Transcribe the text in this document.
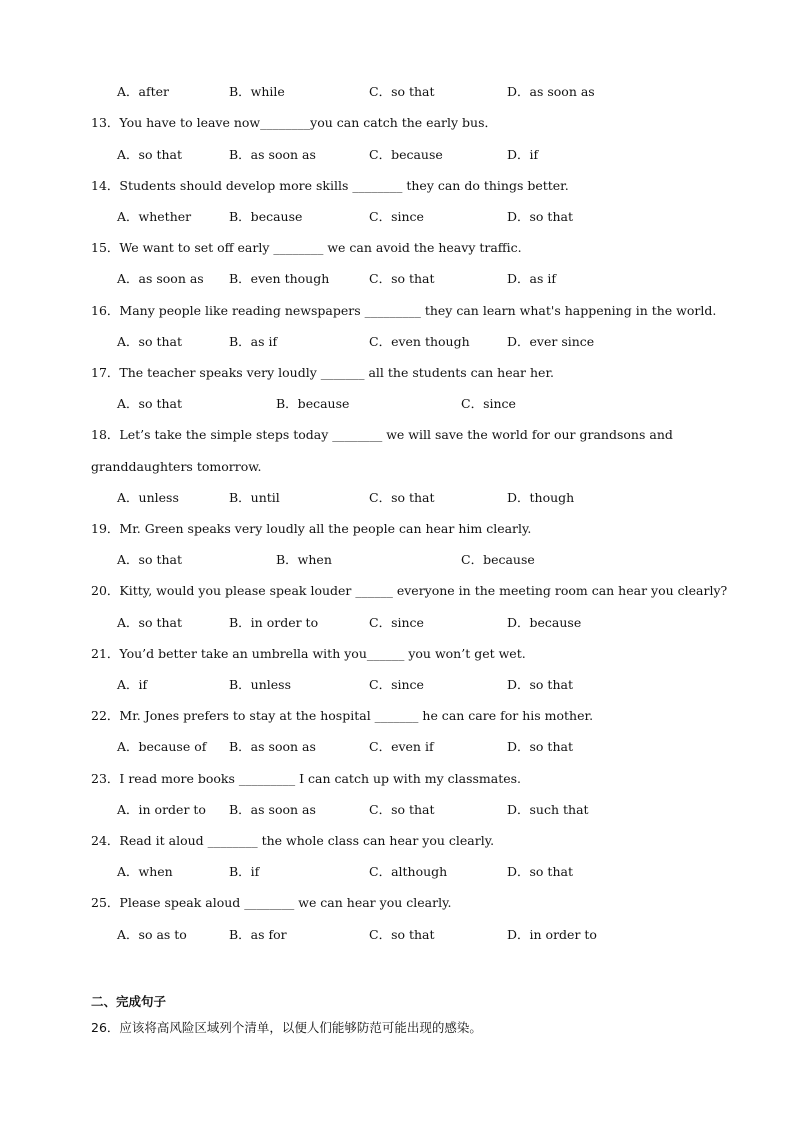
A．after	B．while	C．so that	D．as soon as
13．You have to leave now________you can catch the early bus．
A．so that	B．as soon as	C．because	D．if
14．Students should develop more skills ________ they can do things better.
A．whether	B．because	C．since	D．so that
15．We want to set off early ________ we can avoid the heavy traffic.
A．as soon as B．even though	C．so that	D．as if
16．Many people like reading newspapers _________ they can learn what's happening in the world.
A．so that	B．as if	C．even though	D．ever since
17．The teacher speaks very loudly _______ all the students can hear her.
A．so that	B．because	C．since
18．Let’s take the simple steps today ________ we will save the world for our grandsons and
granddaughters tomorrow.
A．unless	B．until	C．so that	D．though
19．Mr. Green speaks very loudly all the people can hear him clearly.
A．so that	B．when	C．because
20．Kitty, would you please speak louder ______ everyone in the meeting room can hear you clearly?
A．so that	B．in order to	C．since	D．because
21．You’d better take an umbrella with you______ you won’t get wet.
A．if	B．unless	C．since	D．so that
22．Mr. Jones prefers to stay at the hospital _______ he can care for his mother.
A．because of B．as soon as	C．even if	D．so that
23．I read more books _________ I can catch up with my classmates.
A．in order to B．as soon as	C．so that	D．such that
24．Read it aloud ________ the whole class can hear you clearly.
A．when	B．if	C．although	D．so that
25．Please speak aloud ________ we can hear you clearly.
A．so as to	B．as for	C．so that	D．in order to
二、完成句子
26．应该将高风险区域列个清单，以便人们能够防范可能出现的感染。
